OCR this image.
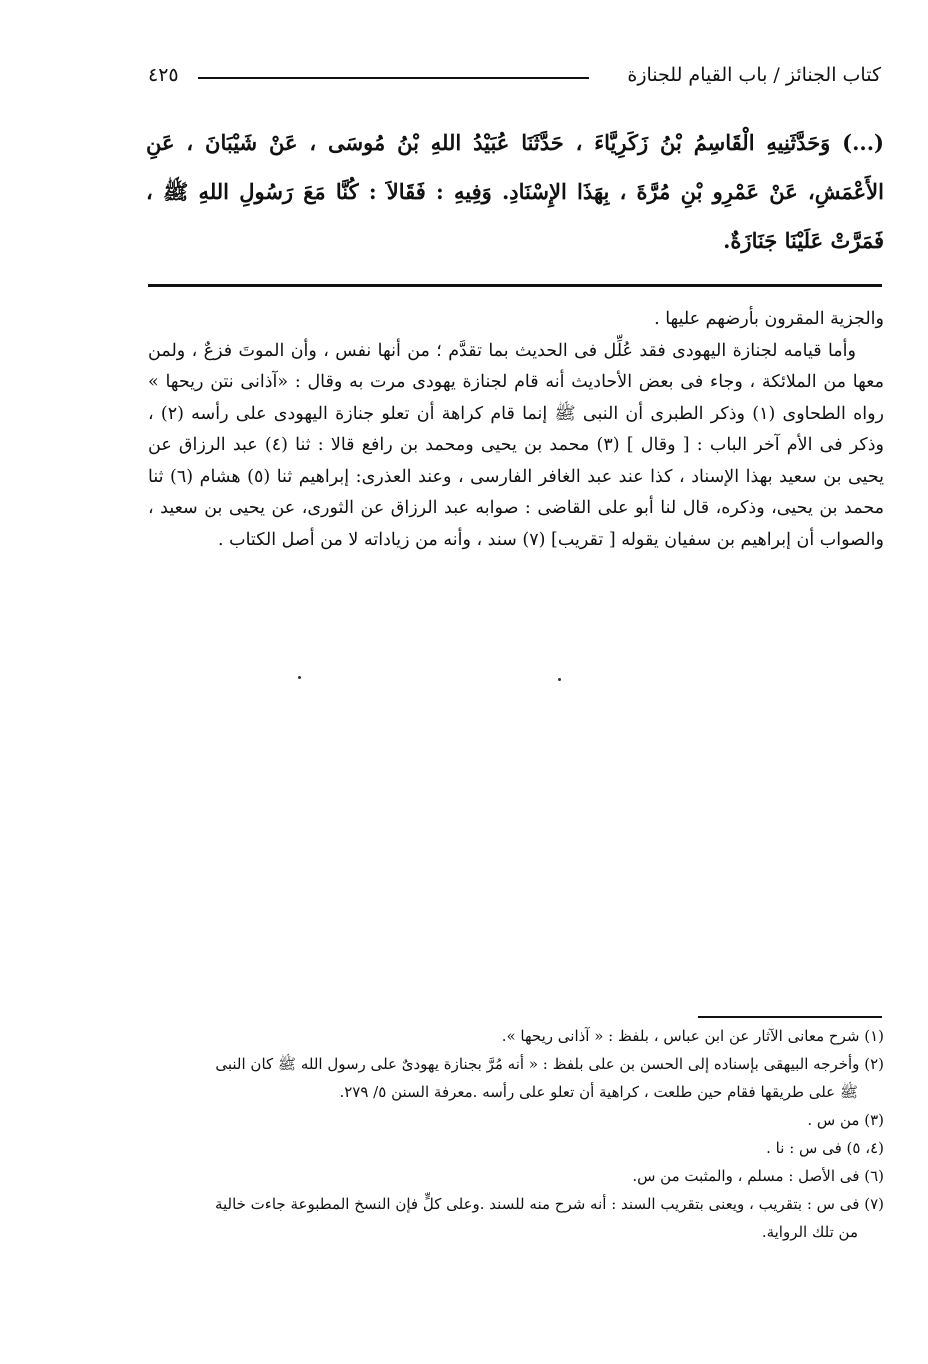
كتاب الجنائز / باب القيام للجنازة
٤٢٥
(...) وَحَدَّثَنِيهِ الْقَاسِمُ بْنُ زَكَرِيَّاءَ ، حَدَّثَنَا عُبَيْدُ اللهِ بْنُ مُوسَى ، عَنْ شَيْبَانَ ، عَنِ الأَعْمَشِ، عَنْ عَمْرِو بْنِ مُرَّةَ ، بِهَذَا الإِسْنَادِ. وَفِيهِ : فَقَالاَ : كُنَّا مَعَ رَسُولِ اللهِ ﷺ ، فَمَرَّتْ عَلَيْنَا جَنَازَةٌ.

والجزية المقرون بأرضهم عليها .

وأما قيامه لجنازة اليهودى فقد عُلِّل فى الحديث بما تقدَّم ؛ من أنها نفس ، وأن الموتَ فزعٌ ، ولمن معها من الملائكة ، وجاء فى بعض الأحاديث أنه قام لجنازة يهودى مرت به وقال : «آذانى نتن ريحها » رواه الطحاوى (١) وذكر الطبرى أن النبى ﷺ إنما قام كراهة أن تعلو جنازة اليهودى على رأسه (٢) ، وذكر فى الأم آخر الباب : [ وقال ] (٣) محمد بن يحيى ومحمد بن رافع قالا : ثنا (٤) عبد الرزاق عن يحيى بن سعيد بهذا الإسناد ، كذا عند عبد الغافر الفارسى ، وعند العذرى: إبراهيم ثنا (٥) هشام (٦) ثنا محمد بن يحيى، وذكره، قال لنا أبو على القاضى : صوابه عبد الرزاق عن الثورى، عن يحيى بن سعيد ، والصواب أن إبراهيم بن سفيان يقوله [ تقريب] (٧) سند ، وأنه من زياداته لا من أصل الكتاب .

(١) شرح معانى الآثار عن ابن عباس ، بلفظ : « آذانى ريحها ».

(٢) وأخرجه البيهقى بإسناده إلى الحسن بن على بلفظ : « أنه مُرَّ بجنازة يهودىٌ على رسول الله ﷺ كان النبى
ﷺ على طريقها فقام حين طلعت ، كراهية أن تعلو على رأسه .معرفة السنن ٥/ ٢٧٩.

(٣) من س .

(٤، ٥) فى س : نا .

(٦) فى الأصل : مسلم ، والمثبت من س.

(٧) فى س : بتقريب ، ويعنى بتقريب السند : أنه شرح منه للسند .وعلى كلٍّ فإن النسخ المطبوعة جاءت خالية
من تلك الرواية.
